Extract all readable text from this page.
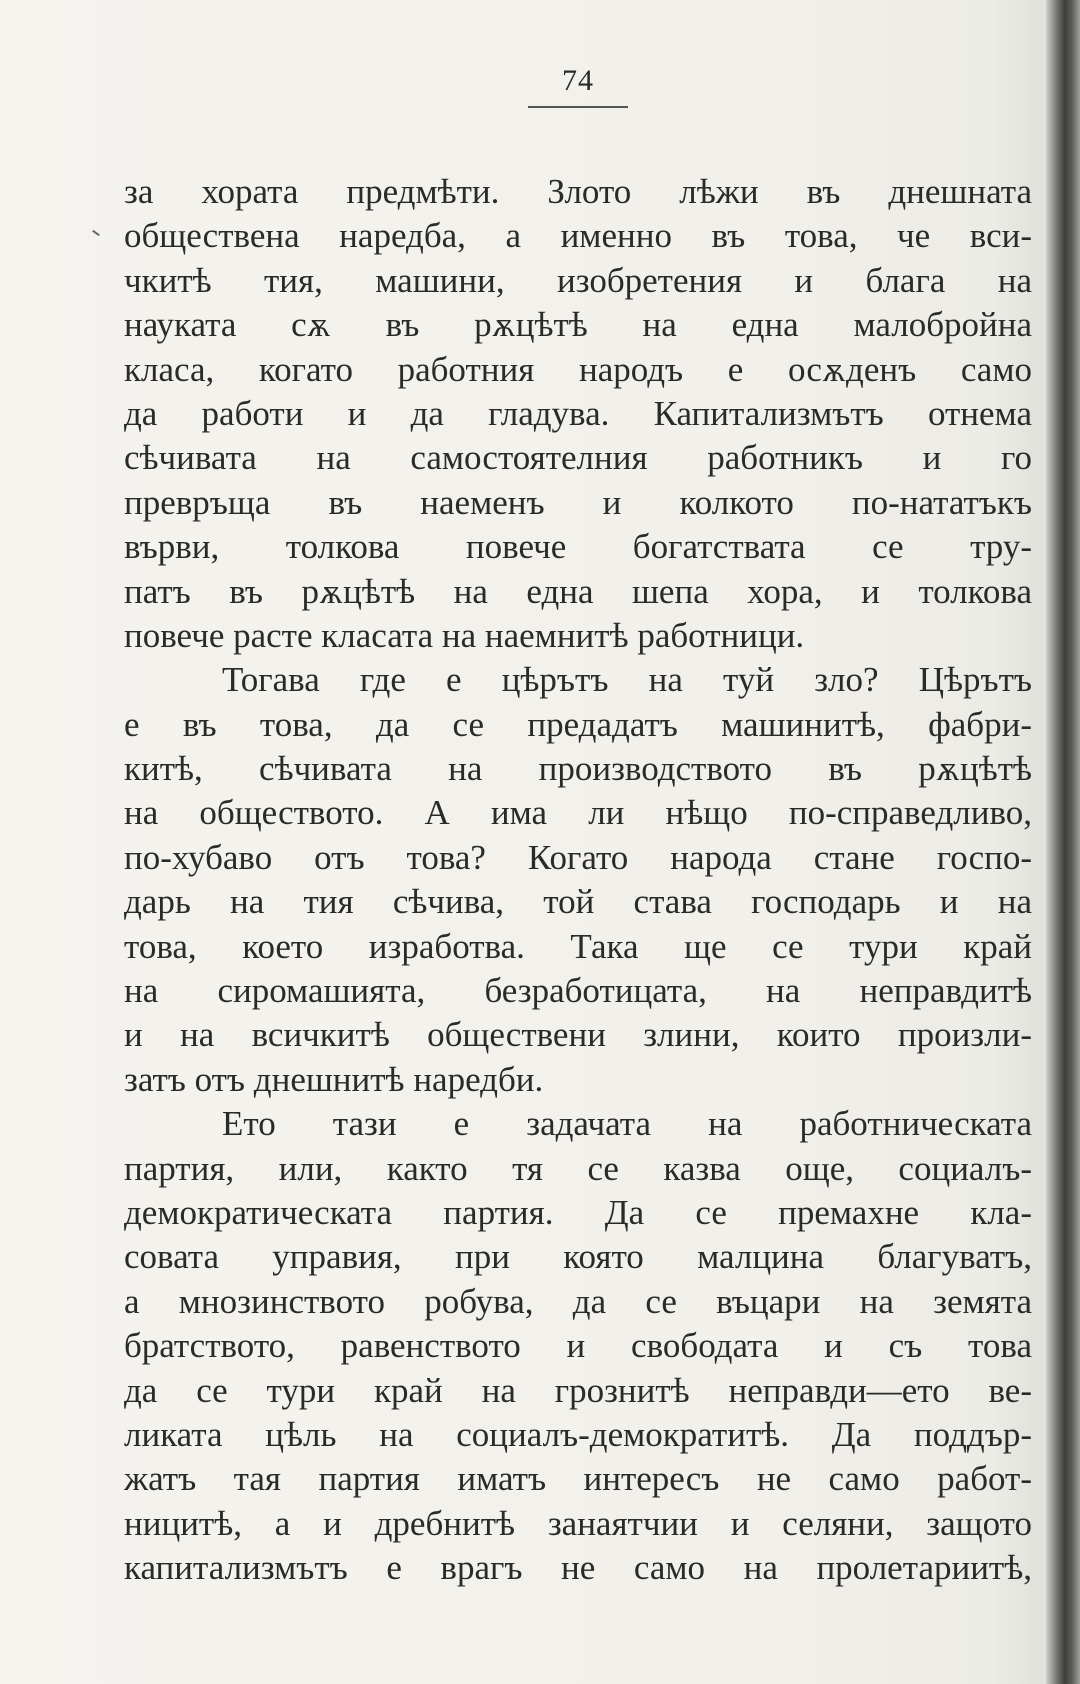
74
за хората предмѣти. Злото лѣжи въ днешната
обществена наредба, а именно въ това, че вси-
чкитѣ тия, машини, изобретения и блага на
науката сѫ въ рѫцѣтѣ на една малобройна
класа, когато работния народъ е осѫденъ само
да работи и да гладува. Капитализмътъ отнема
сѣчивата на самостоятелния работникъ и го
превръща въ наеменъ и колкото по-нататъкъ
върви, толкова повече богатствата се тру-
патъ въ рѫцѣтѣ на една шепа хора, и толкова
повече расте класата на наемнитѣ работници.
Тогава где е цѣрътъ на туй зло? Цѣрътъ
е въ това, да се предадатъ машинитѣ, фабри-
китѣ, сѣчивата на производството въ рѫцѣтѣ
на обществото. А има ли нѣщо по-справедливо,
по-хубаво отъ това? Когато народа стане госпо-
дарь на тия сѣчива, той става господарь и на
това, което изработва. Така ще се тури край
на сиромашията, безработицата, на неправдитѣ
и на всичкитѣ обществени злини, които произли-
затъ отъ днешнитѣ наредби.
Ето тази е задачата на работническата
партия, или, както тя се казва още, социалъ-
демократическата партия. Да се премахне кла-
совата управия, при която малцина благуватъ,
а мнозинството робува, да се въцари на земята
братството, равенството и свободата и съ това
да се тури край на грознитѣ неправди—ето ве-
ликата цѣль на социалъ-демократитѣ. Да поддър-
жатъ тая партия иматъ интересъ не само работ-
ницитѣ, а и дребнитѣ занаятчии и селяни, защото
капитализмътъ е врагъ не само на пролетариитѣ,
